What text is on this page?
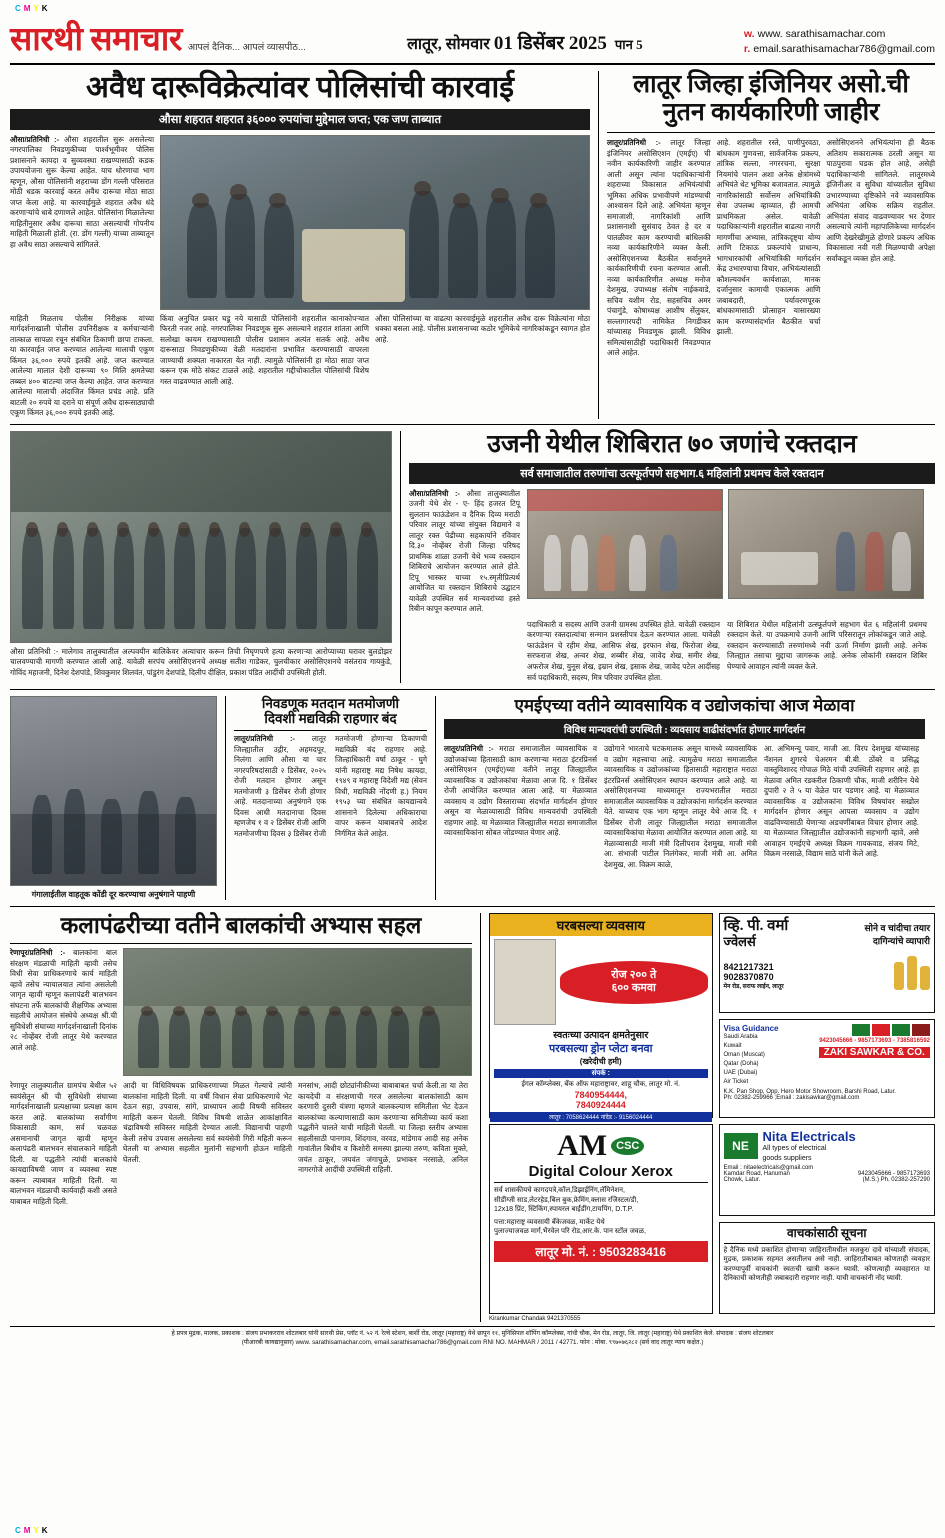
C M Y K
सारथी समाचार आपलं दैनिक... आपलं व्यासपीठ...	लातूर, सोमवार 01 डिसेंबर 2025 पान 5
w. www. sarathisamachar.com
r. email.sarathisamachar786@gmail.com
अवैध दारूविक्रेत्यांवर पोलिसांची कारवाई
औसा शहरात शहरात ३६००० रुपयांचा मुद्देमाल जप्त; एक जण ताब्यात
औसा/प्रतिनिधी :- औसा शहरातील सुरू असलेल्या नगरपालिका निवडणुकीच्या पार्श्वभूमीवर पोलिस प्रशासनाने कायदा व सुव्यवस्था राखण्यासाठी कडक उपाययोजना सुरू केल्या आहेत. याच धोरणाचा भाग म्हणून, औसा पोलिसांनी शहराच्या डोंग गल्ली परिसरात मोठी धडक कारवाई करत अवैध दारूचा मोठा साठा जप्त केला आहे. या कारवाईमुळे शहरात अवैध धंदे करणाऱ्यांचे धाबे दणाणले आहेत. पोलिसांना मिळालेल्या माहितीनुसार अवैध दारूचा साठा असल्याची गोपनीय माहिती मिळाली होती. (रा. डोंग गल्ली) याच्या ताब्यातून हा अवैध साठा असल्याचे सांगितले.
माहिती मिळताच पोलीस निरीक्षक यांच्या मार्गदर्शनाखाली पोलीस उपनिरीक्षक व कर्मचाऱ्यांनी तात्काळ सापळा रचून संबंधित ठिकाणी छापा टाकला. या कारवाईत जप्त करण्यात आलेल्या मालाची एकूण किंमत ३६,००० रुपये इतकी आहे. जप्त करण्यात आलेल्या मालात देशी दारूच्या ९० मिलि क्षमतेच्या तब्बल ४०० बाटल्या जप्त केल्या आहेत. जप्त करण्यात आलेल्या मालाची अंदाजित किंमत प्रचंड आहे. प्रति बाटली २० रुपये या दराने या संपूर्ण अवैध दारूसाठ्याची एकूण किंमत ३६,००० रुपये इतकी आहे.
किंवा अनुचित प्रकार घडू नये यासाठी पोलिसांनी शहरातील कानाकोपऱ्यात फिरती नजर आहे. नगरपालिका निवडणूक सुरू असल्याने शहरात शांतता आणि सलोखा कायम राखण्यासाठी पोलीस प्रशासन अत्यंत सतर्क आहे. अवैध दारूसाठा निवडणुकीच्या वेळी मतदारांना प्रभावित करण्यासाठी वापरला जाण्याची शक्यता नाकारता येत नाही. त्यामुळे पोलिसांनी हा मोठा साठा जप्त करून एक मोठे संकट टाळले आहे. शहरातील गद्दीचोकातील पोलिसांची विशेष गस्त वाढवण्यात आली आहे.
औसा पोलिसांच्या या वाढत्या कारवाईमुळे शहरातील अवैध दारू विक्रेत्यांना मोठा धक्का बसला आहे. पोलीस प्रशासनाच्या कठोर भूमिकेचे नागरिकांकडून स्वागत होत आहे.
लातूर जिल्हा इंजिनियर असो.ची
नुतन कार्यकारिणी जाहीर
लातूर/प्रतिनिधी :- लातूर जिल्हा इंजिनियर असोसिएशन (एमईए) ची नवीन कार्यकारिणी जाहीर करण्यात आली असून त्यांना पदाधिकाऱ्यांनी शहराच्या विकासात अभियंत्यांची भूमिका अधिक प्रभावीपणे मांडण्याची आश्वासन दिले आहे. अभियंता म्हणून समाजाशी, नागरिकांशी आणि प्रशासनाशी सुसंवाद ठेवत हे दर व पातळीवर काम करण्याची बांधिलकी नव्या कार्यकारिणीने व्यक्त केली. असोसिएशनच्या बैठकीत सर्वानुमते कार्यकारिणीची रचना करण्यात आली. नव्या कार्यकारिणीत अध्यक्ष मनोज देशमुख, उपाध्यक्ष संतोष नाईकवाडे, सचिव यशीम रोड, सहसचिव अमर पंचागुंडे, कोषाध्यक्ष आशीष सेंलुकर, सल्लागारपदी नामिकेत निगडीकर यांच्यासह निवडणूक झाली. विविध समित्यांसाठीही पदाधिकारी निवडण्यात आले आहेत.
आहे. शहरातील रस्ते, पाणीपुरवठा, बांधकाम गुणवत्ता, सार्वजनिक प्रकल्प, तांत्रिक सल्ला, नगररचना, सुरक्षा नियमांचे पालन अशा अनेक क्षेत्रांमध्ये अभियंते थेट भूमिका बजावतात. त्यामुळे नागरिकांसाठी सर्वोत्तम अभियांत्रिकी सेवा उपलब्ध व्हाव्यात, ही आमची प्राथमिकता असेल. यावेळी पदाधिकाऱ्यांनी शहरातील बाढत्या नागरी मागणींचा अभ्यास, तांत्रिकदृष्ट्या योग्य आणि टिकाऊ प्रकल्पांचे प्राधान्य, भागधारकांची अभियांत्रिकी मार्गदर्शन केंद्र उभारण्याचा विचार, अभियंत्यांसाठी कौशल्यवर्धन कार्यशाळा, मानक दर्जानुसार कामाची एकात्मक आणि जबाबदारी, पर्यावरणपूरक बांधकामासाठी प्रोत्साहन यासारख्या काम करण्यासंदर्भात बैठकीत चर्चा झाली.
असोसिएशनने अभियंत्यांना ही बैठक अतिशय सकारात्मक ठरली असून या पाठपुरावा घडक होत आहे, असेही पदाधिकाऱ्यांनी सांगितले. लातूरमध्ये इंजिनीअर व सुविधा यांच्यातील सुविधा उभारण्याच्या दृष्टिकोने नवे व्यावसायिक अभियंता अधिक सक्रिय राहतील. अभियंता संवाद वाढवण्यावर भर देणार असल्याचे त्यांनी महापालिकेच्या मार्गदर्शन आणि देखरेखीमुळे होणारे प्रकल्प अधिक विकासाला नवी गती मिळण्याची अपेक्षा सर्वांकडून व्यक्त होत आहे.
औसा प्रतिनिधी :- मालेगाव तालुक्यातील अल्पवयीन बालिकेवर अत्याचार करून तिची निघृणपणे हत्या करणाऱ्या आरोप्याच्या घरावर बुलडोझर चालवण्याची मागणी करण्यात आली आहे. यावेळी सरपंच असोसिएशनचे अध्यक्ष सतीश गाडेकर, चुलचीकार असोसिएशनचे वसंतराव गायकुंडे, गोविंद महाजनी, दिनेश देशपांडे, शिवकुमार शिलवंत, पांडुरंग देशपांडे, दिलीप दीक्षित, प्रकाश पंडित आदींची उपस्थिती होती.
उजनी येथील शिबिरात ७० जणांचे रक्तदान
सर्व समाजातील तरुणांचा उत्स्फूर्तपणे सहभाग.६ महिलांनी प्रथमच केले रक्तदान
औसा/प्रतिनिधी :- औसा तालुक्यातील उजनी येथे शेर - ए- हिंद हजरत टिपू सुलतान फाऊंडेशन व दैनिक दिव्य मराठी परिवार लातूर यांच्या संयुक्त विद्यमाने व लातूर रक्त पेढीच्या सहकार्याने रविवार दि.३० नोव्हेंबर रोजी जिल्हा परिषद प्राथमिक शाळा उजनी येथे भव्य रक्तदान शिबिराचे आयोजन करण्यात आले होते. टिपू भास्कर याच्या १५.स्मृतीप्रित्यर्थ आयोजित या रक्तदान शिबिराचे उद्घाटन यावेळी उपस्थित सर्व मान्यवरांच्या हस्ते रिबीन कापून करण्यात आले.
पदाधिकारी व सदस्य आणि उजनी ग्रामस्थ उपस्थित होते. यावेळी रक्तदान करणाऱ्या रक्तदात्यांचा सन्मान प्रशस्तीपत्र देऊन करण्यात आला. यावेळी फाऊंडेशन चे रहीम शेख, आसिफ शेख, इरफान शेख, फिरोजा शेख, सरफराज शेख, अन्वर शेख, शब्बीर शेख, जावेद शेख, समीर शेख, अफरोज शेख, युनूस शेख, इम्रान शेख, इसाक शेख, जावेद पटेल आदींसह सर्व पदाधिकारी, सदस्य, मित्र परिवार उपस्थित होता.
या शिबिरात येथील महिलांनी उत्स्फूर्तपणे सहभाग घेत ६ महिलांनी प्रथमच रक्तदान केले. या उपक्रमाचे उजनी आणि परिसरातून लोकांकडून जाते आहे. रक्तदान करण्यासाठी तरुणांमध्ये नवी ऊर्जा निर्माण झाली आहे. अनेक जिल्ह्यात तसाचा मुद्दाचा जागरूक आहे. अनेक लोकांनी रक्तदान शिबिर घेण्याचे आवाहन त्यांनी व्यक्त केले.
गंगालाईतील वाहतूक कोंडी दूर करण्याचा अनुषंगाने पाहणी
निवडणूक मतदान मतमोजणी
दिवशी मद्यविक्री राहणार बंद
लातूर/प्रतिनिधी :- लातूर जिल्ह्यातील उद्गीर, अहमदपूर, निलंगा आणि औसा या चार नगरपरिषदांसाठी २ डिसेंबर, २०२५ रोजी मतदान होणार असून मतमोजणी ३ डिसेंबर रोजी होणार आहे. मतदानाच्या अनुषंगाने एक दिवस आधी मतदानाचा दिवस म्हणजेच १ व २ डिसेंबर रोजी आणि मतमोजणीचा दिवस ३ डिसेंबर रोजी मतमोजणी होणाऱ्या ठिकाणची मद्यविक्री बंद राहणार आहे. जिल्हाधिकारी वर्षा ठाकूर - घुगे यांनी महाराष्ट्र मद्य निषेध कायदा, १९४९ व महाराष्ट्र विदेशी मद्य (सेवन विधी, मद्यविक्री नोंदणी ह.) नियम १९५३ च्या संबंधित कायद्यान्वये शासनाने दिलेल्या अधिकाराचा वापर करून याबाबतचे आदेश निर्गमित केले आहेत.
एमईएच्या वतीने व्यावसायिक व उद्योजकांचा आज मेळावा
विविध मान्यवरांची उपस्थिती : व्यवसाय वाढीसंदर्भात होणार मार्गदर्शन
लातूर/प्रतिनिधी :- मराठा समाजातील व्यावसायिक व उद्योजकांच्या हितासाठी काम करणाऱ्या मराठा इंटरप्रिनर्स असोसिएशन (एमईए)च्या वतीने लातूर जिल्ह्यातील व्यावसायिक व उद्योजकांचा मेळावा आज दि. १ डिसेंबर रोजी आयोजित करण्यात आला आहे. या मेळाव्यात व्यवसाय व उद्योग विस्ताराच्या संदर्भात मार्गदर्शन होणार असून या मेळाव्यासाठी विविध मान्यवरांची उपस्थिती राहणार आहे. या मेळाव्यात जिल्ह्यातील मराठा समाजातील व्यावसायिकांना सोबत जोडण्यात येणार आहे.
उद्योगाने भारताचे घटकमालक असून यामध्ये व्यावसायिक व उद्योग महत्त्वाचा आहे. त्यामुळेच मराठा समाजातील व्यावसायिक व उद्योजकांच्या हितासाठी महाराष्ट्रात मराठा इंटरप्रिनर्स असोसिएशन स्थापन करण्यात आले आहे. या असोसिएशनच्या माध्यमातून राज्यभरातील मराठा समाजातील व्यावसायिक व उद्योजकांना मार्गदर्शन करण्यात येते. याच्याच एक भाग म्हणून लातूर येथे आज दि. १ डिसेंबर रोजी लातूर जिल्ह्यातील मराठा समाजातील व्यावसायिकांचा मेळावा आयोजित करण्यात आला आहे. या मेळाव्यासाठी माजी मंत्री दिलीपराव देशमुख, माजी मंत्री आ. संभाजी पाटील निलंगेकर, माजी मंत्री आ. अमित देशमुख, आ. विक्रम काळे,
आ. अभिमन्यू पवार, माजी आ. विरप देशमुख यांच्यासह नॅशनल शुगरचे चेअरमन बी.बी. ठोंबरे व प्रसिद्ध वास्तूविशारद गोपाळ मिठे यांची उपस्थिती राहणार आहे. हा मेळावा अमित रडकरील ठिकाणी चौक, माजी शरीरिन येथे दुपारी २ ते ५ या वेळेत पार पडणार आहे. या मेळाव्यात व्यावसायिक व उद्योजकांना विविध विषयांवर सखोल मार्गदर्शन होणार असून आपला व्यवसाय व उद्योग वाढविण्यासाठी येणाऱ्या अडचणींबाबत विचार होणार आहे. या मेळाव्यात जिल्ह्यातील उद्योजकांनी सहभागी व्हावे, असे आवाहन एमईएचे अध्यक्ष विक्रम गायकवाड, संजय मिटे, विक्रम नरसाळे, विद्याम साठे यांनी केले आहे.
कलापंढरीच्या वतीने बालकांची अभ्यास सहल
रेणापूर/प्रतिनिधी :- बालकांना बाल संरक्षण मंडळाची माहिती व्हावी तसेच विधी सेवा प्राधिकरणाचे कार्य माहिती व्हावे तसेच न्यायालयात त्यांना असलेली जागृत व्हावी म्हणून कलापंढरी बालभवन संघटना तर्फे बालकांची शैक्षणिक अभ्यास सहलीचे आयोजन संस्थेचे अध्यक्ष श्री.ची सुविधेशी संघाच्या मार्गदर्शनाखाली दिनांक २८ नोव्हेंबर रोजी लातूर येथे करण्यात आले आहे.
रेणापूर तालुक्यातील ग्रामपंच बेथील ५२ स्वयंसेतून श्री ची सुविधेशी संघाच्या मार्गदर्शनाखाली प्रत्यक्षाच्या प्रत्यक्षा काम करत आहे. बालकांच्या सर्वांगीण विकासाठी काम, सर्व चळवळ असमानाची जागृत व्हावी म्हणून कलापंढरी बालभवन संचालकाने माहिती दिली. या पद्धतीने त्यांची बालकांचे कायद्याविषयी जाण व व्यवस्था स्पष्ट करून त्याबाबत माहिती दिली. या बालभवन मंडळाची कार्यवाही कशी असते याबाबत माहिती दिली.
आदी या विधिविषयक प्राधिकरणाच्या मिळत गेल्याचे त्यांनी बालकांना माहिती दिली. या वर्षी विधान सेवा प्राधिकरणाचे भेट देऊन सहा, उपवास, सांगे, प्राध्यापन आदी विषयी सविस्तर माहिती करून घेतली. विविध विषयी शाळेत आकांक्षावित चंद्राविषयी सविस्तर माहिती देण्यात आली. विद्यानाची पाहणी केली तसेच उपवास असलेल्या सर्व स्वयंसेवी गिरी महिती करून घेतली या अभ्यास सहलीत मुलांनी सहभागी होऊन माहिती घेतली.
मनसांभ, आदी छोट्यांनीकीच्या बाबाबाबत चर्चा केली.ता या तेरा कायदेची व संरक्षणाची गरज असलेल्या बालकांसाठी काम करणारी दुसरी यंत्रणा म्हणजे बालकल्याण समितीला भेट देऊन बालकांच्या कल्याणासाठी काम करणाऱ्या समितीच्या कार्य कशा पद्धतीने चालते याची माहिती घेतली. या जिल्हा स्तरीय अभ्यास सहलीसाठी पानगाव, शिंदगाव, वरवड, मांडेगाव आदी सह अनेक गावांतील बिधीय व किशोरी समस्या झाल्या तरुण, कविता मुक्ते, जयंत ठाकूर, जयवंत जंगाचुळे, प्रभाकर नरसाळे, अनिल नागरगोजे आदींची उपस्थिती राहिली.
घरबसल्या व्यवसाय
रोज २०० ते
६०० कमवा
स्वतःच्या उत्पादन क्षमतेनुसार
परबसल्या ड्रोन प्लेटा बनवा
(खरेदीची हमी)
संपर्क :
ईगल कॉम्प्लेक्स, बँक ऑफ महाराष्ट्रावर, शाहू चौक, लातूर मो. नं.
7840954444,
7840924444
लातूर : 7058624444 नांदेड :- 9156024444
व्हि. पी. वर्मा
ज्वेलर्स
सोने व चांदीचा तयार
दागिन्यांचे व्यापारी
8421217321
9028370870
मेन रोड, सराफ लाईन, लातूर
Visa Guidance
Saudi Arabia
Kuwait
Oman (Muscat)
Qatar (Doha)
UAE (Dubai)
Air Ticket
9423045666 - 9857173693 - 7385816592
ZAKI SAWKAR & CO.
K.K. Pan Shop, Opp. Hero Motor Showroom, Barshi Road, Latur.
Ph: 02382-259966 ;Email : zakisawkar@gmail.com
AM CSC
Digital Colour Xerox
सर्व शासकीयचे कागदपत्रे,कॉल,डिझाईनिंग,लॅमिनेशन,
सीडींग्जी साड,लेटरहेड,बिल बुक,फ्रेमिंग,क्लास रजिस्टल/डी,
12x18 प्रिंट, स्टिकिंग,स्पायरल बाईंडींग,टायपिंग, D.T.P.
पत्ता:महाराष्ट्र व्यवसायी बँकेजवळ, मार्केट येथे
पुलाज्याजवळ मार्ग,भैरवेल परि रोड,आर.के. पान स्टॉल जवळ,
लातूर मो. नं. : 9503283416
NE
Nita Electricals
All types of electrical
goods suppliers
Email : nitaelectricals@gmail.com
Kamdar Road, Hanuman
Chowk, Latur.
9423045666 - 9857173693
(M.S.) Ph. 02382-257290
वाचकांसाठी सूचना
हे दैनिक मध्ये प्रकाशित होणाऱ्या जाहिरातीमधील मजकूर/ दावे यांच्याशी संपादक, मुद्रक, प्रकाशक सहमत असतीलच असे नाही. जाहिरातीबाबत कोणताही व्यवहार करण्यापूर्वी वाचकांनी स्वतःची खात्री करून घ्यावी. कोणत्याही व्यवहारात या दैनिकाची कोणतीही जबाबदारी राहणार नाही. याची वाचकांनी नोंद घ्यावी.
Kirankumar Chandak 9421370555
हे प्रपत्र मुद्रक, मालक, प्रकाशक : संजय प्रभाकरराव शोटलबार यांनी सारथी प्रेस, प्लॉट नं. ५२ नं. रेल्वे स्टेशन, बार्शी रोड, लातूर (महाराष्ट्र) येथे छापून ११, मुनिसिपल शॉपिंग कॉम्प्लेक्स, गांधी चौक, मेन रोड, लातूर, जि. लातूर (महाराष्ट्र) येथे प्रकाशित केले. संपादक : संजय शोटलबार
(पीआरबी कायद्यानुसार) www. sarathisamachar.com, email.sarathisamachar786@gmail.com RNI NO. MAHMAR / 2011 / 42771. फोन : मोबा. ९९७०७६२८२ (सर्व वाद लातूर न्याय कक्षेत.)
C M Y K
